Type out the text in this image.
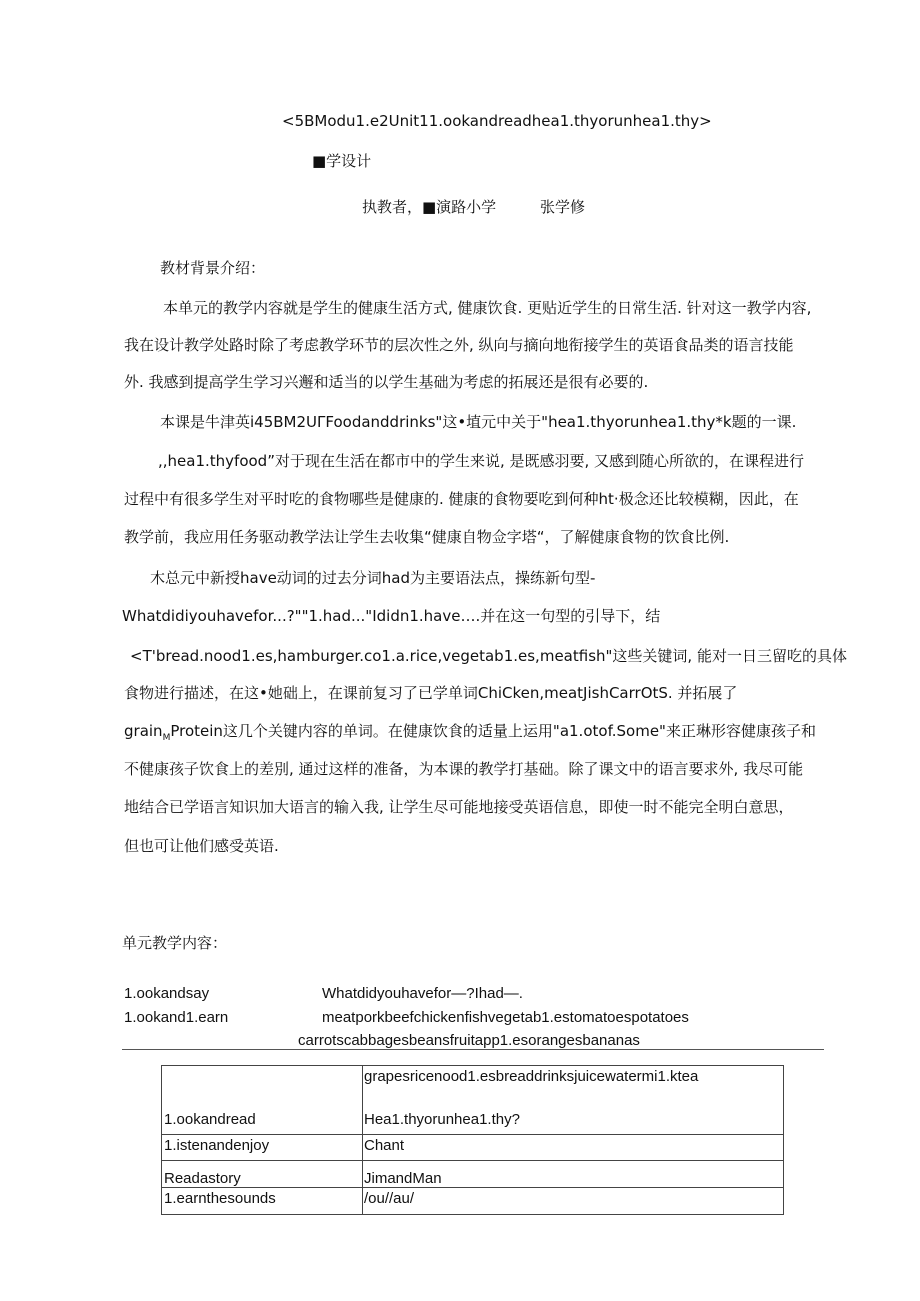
<5BModu1.e2Unit11.ookandreadhea1.thyorunhea1.thy>
■学设计
执教者，■演路小学	张学修
教材背景介绍：
本单元的教学内容就是学生的健康生活方式, 健康饮食. 更贴近学生的日常生活. 针对这一教学内容,
我在设计教学处路时除了考虑教学环节的层次性之外, 纵向与摘向地衔接学生的英语食品类的语言技能
外. 我感到提高学生学习兴邂和适当的以学生基础为考虑的拓展还是很有必要的.
本课是牛津英i45BM2UΓFoodanddrinks"这•埴元中关于"hea1.thyorunhea1.thy*k题的一课.
,,hea1.thyfood”对于现在生活在都市中的学生来说, 是既感羽要, 又感到随心所欲的，在课程进行
过程中有很多学生对平时吃的食物哪些是健康的. 健康的食物要吃到何种ht·极念还比较模糊，因此，在
教学前，我应用任务驱动教学法让学生去收集“健康自物佥字塔“，了解健康食物的饮食比例.
木总元中新授have动词的过去分词had为主要语法点，操练新句型-
Whatdidiyouhavefor...?""1.had..."Ididn1.have….并在这一句型的引导下，结
<T'bread.nood1.es,hamburger.co1.a.rice,vegetab1.es,meatfish"这些关键词, 能对一日三留吃的具体
食物进行描述，在这•她础上，在课前复习了已学单词ChiCken,meatJishCarrOtS. 并拓展了
grain$_M$Protein这几个关键内容的单词。在健康饮食的适量上运用"a1.otof.Some"来正琳形容健康孩子和
不健康孩子饮食上的差別, 通过这样的准备，为本课的教学打基础。除了课文中的语言要求外, 我尽可能
地结合已学语言知识加大语言的输入我, 让学生尽可能地接受英语信息，即使一时不能完全明白意思，
但也可让他们感受英语.
单元教学内容：
1.ookandsay	Whatdidyouhavefor—?Ihad—.
1.ookand1.earn	meatporkbeefchickenfishvegetab1.estomatoespotatoes
carrotscabbagesbeansfruitapp1.esorangesbananas
grapesricenood1.esbreaddrinksjuicewatermi1.ktea
1.ookandread	Hea1.thyorunhea1.thy?
1.istenandenjoy	Chant
Readastory	JimandMan
1.earnthesounds	/ou//au/
